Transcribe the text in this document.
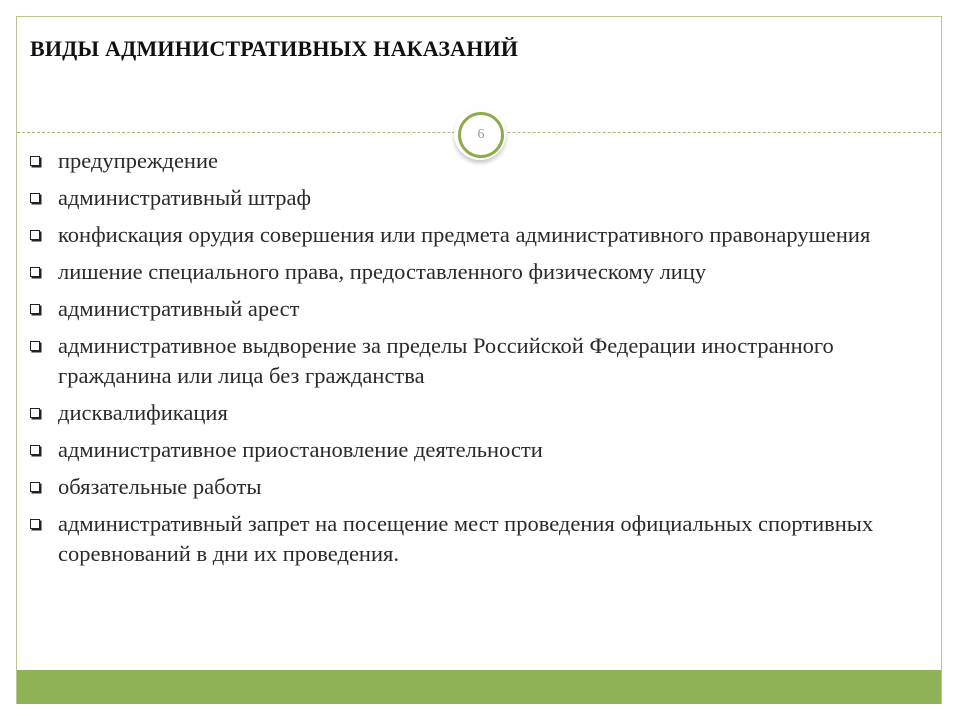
ВИДЫ АДМИНИСТРАТИВНЫХ НАКАЗАНИЙ
6
предупреждение
административный штраф
конфискация орудия совершения или предмета административного правонарушения
лишение специального права, предоставленного физическому лицу
административный арест
административное выдворение за пределы Российской Федерации иностранного гражданина или лица без гражданства
дисквалификация
административное приостановление деятельности
обязательные работы
административный запрет на посещение мест проведения официальных спортивных соревнований в дни их проведения.
